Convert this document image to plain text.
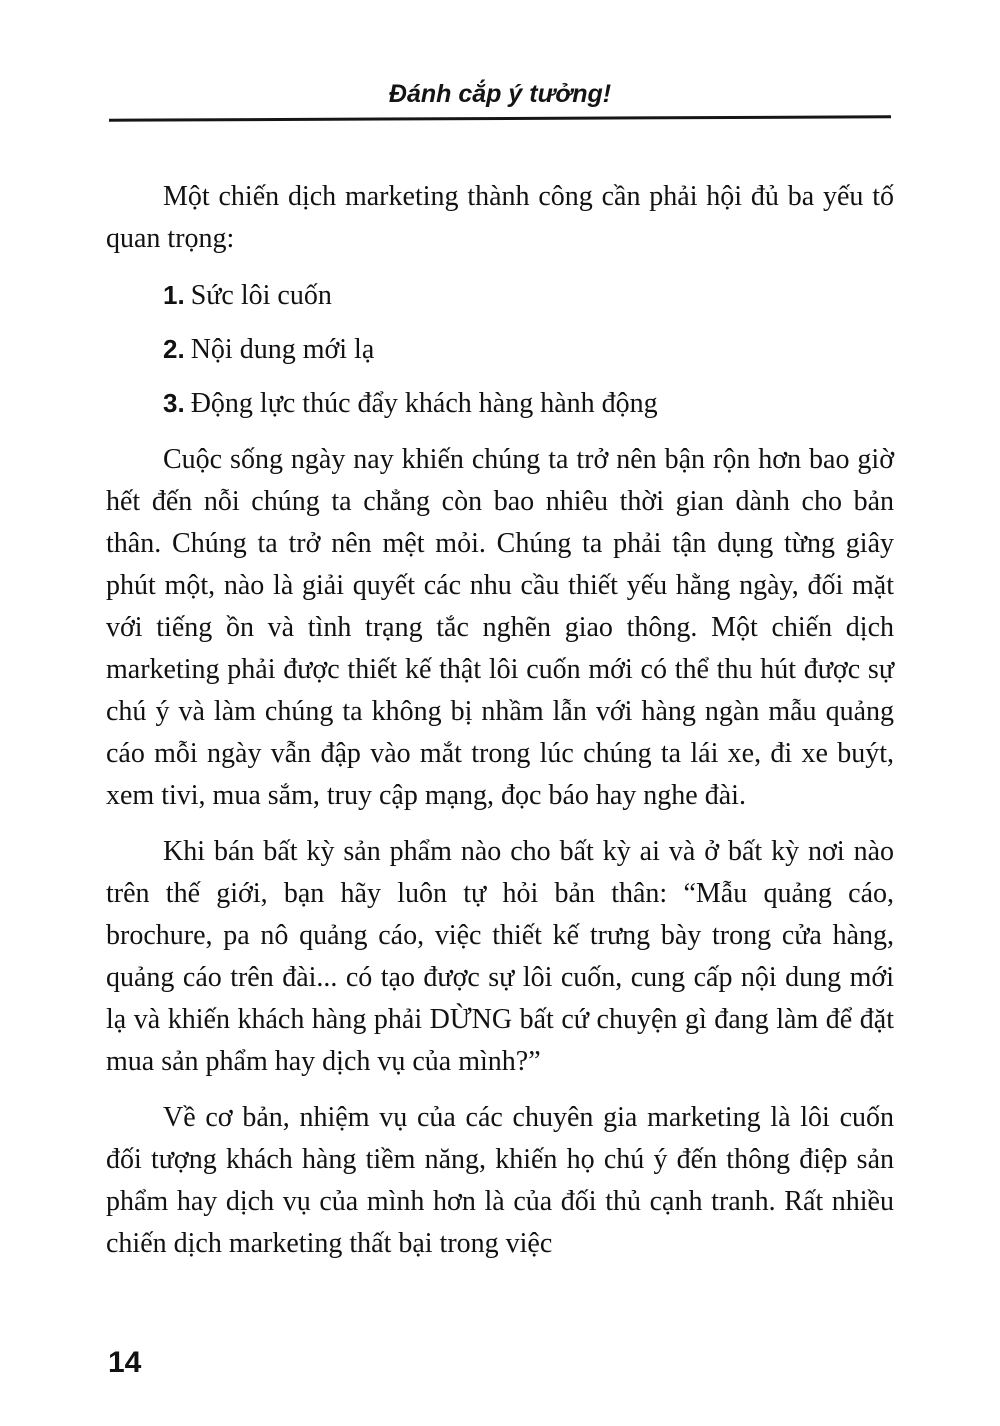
Đánh cắp ý tưởng!

Một chiến dịch marketing thành công cần phải hội đủ ba yếu tố quan trọng:

1. Sức lôi cuốn
2. Nội dung mới lạ
3. Động lực thúc đẩy khách hàng hành động

Cuộc sống ngày nay khiến chúng ta trở nên bận rộn hơn bao giờ hết đến nỗi chúng ta chẳng còn bao nhiêu thời gian dành cho bản thân. Chúng ta trở nên mệt mỏi. Chúng ta phải tận dụng từng giây phút một, nào là giải quyết các nhu cầu thiết yếu hằng ngày, đối mặt với tiếng ồn và tình trạng tắc nghẽn giao thông. Một chiến dịch marketing phải được thiết kế thật lôi cuốn mới có thể thu hút được sự chú ý và làm chúng ta không bị nhầm lẫn với hàng ngàn mẫu quảng cáo mỗi ngày vẫn đập vào mắt trong lúc chúng ta lái xe, đi xe buýt, xem tivi, mua sắm, truy cập mạng, đọc báo hay nghe đài.

Khi bán bất kỳ sản phẩm nào cho bất kỳ ai và ở bất kỳ nơi nào trên thế giới, bạn hãy luôn tự hỏi bản thân: “Mẫu quảng cáo, brochure, pa nô quảng cáo, việc thiết kế trưng bày trong cửa hàng, quảng cáo trên đài... có tạo được sự lôi cuốn, cung cấp nội dung mới lạ và khiến khách hàng phải DỪNG bất cứ chuyện gì đang làm để đặt mua sản phẩm hay dịch vụ của mình?”

Về cơ bản, nhiệm vụ của các chuyên gia marketing là lôi cuốn đối tượng khách hàng tiềm năng, khiến họ chú ý đến thông điệp sản phẩm hay dịch vụ của mình hơn là của đối thủ cạnh tranh. Rất nhiều chiến dịch marketing thất bại trong việc

14
